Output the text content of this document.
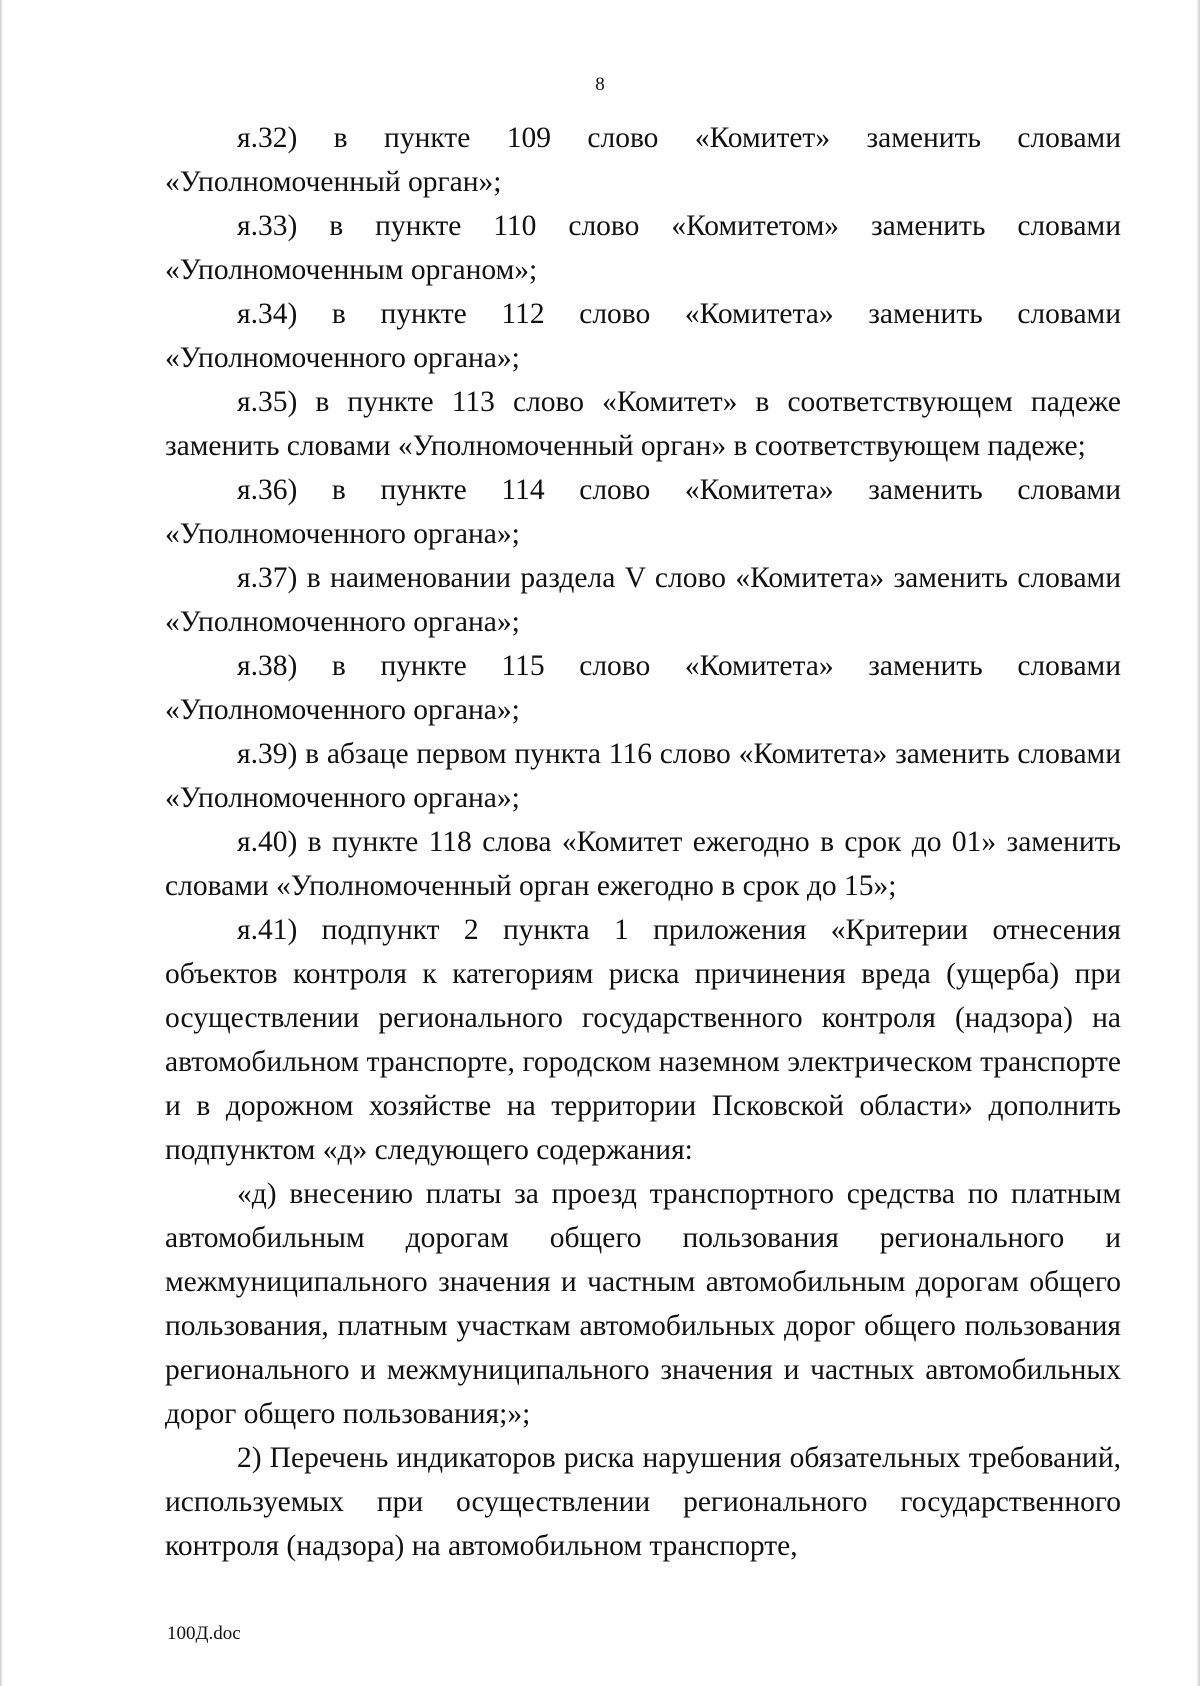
8

я.32) в пункте 109 слово «Комитет» заменить словами «Уполномоченный орган»;

я.33) в пункте 110 слово «Комитетом» заменить словами «Уполномоченным органом»;

я.34) в пункте 112 слово «Комитета» заменить словами «Уполномоченного органа»;

я.35) в пункте 113 слово «Комитет» в соответствующем падеже заменить словами «Уполномоченный орган» в соответствующем падеже;

я.36) в пункте 114 слово «Комитета» заменить словами «Уполномоченного органа»;

я.37) в наименовании раздела V слово «Комитета» заменить словами «Уполномоченного органа»;

я.38) в пункте 115 слово «Комитета» заменить словами «Уполномоченного органа»;

я.39) в абзаце первом пункта 116 слово «Комитета» заменить словами «Уполномоченного органа»;

я.40) в пункте 118 слова «Комитет ежегодно в срок до 01» заменить словами «Уполномоченный орган ежегодно в срок до 15»;

я.41) подпункт 2 пункта 1 приложения «Критерии отнесения объектов контроля к категориям риска причинения вреда (ущерба) при осуществлении регионального государственного контроля (надзора) на автомобильном транспорте, городском наземном электрическом транспорте и в дорожном хозяйстве на территории Псковской области» дополнить подпунктом «д» следующего содержания:

«д) внесению платы за проезд транспортного средства по платным автомобильным дорогам общего пользования регионального и межмуниципального значения и частным автомобильным дорогам общего пользования, платным участкам автомобильных дорог общего пользования регионального и межмуниципального значения и частных автомобильных дорог общего пользования;»;

2) Перечень индикаторов риска нарушения обязательных требований, используемых при осуществлении регионального государственного контроля (надзора) на автомобильном транспорте,

100Д.doc
